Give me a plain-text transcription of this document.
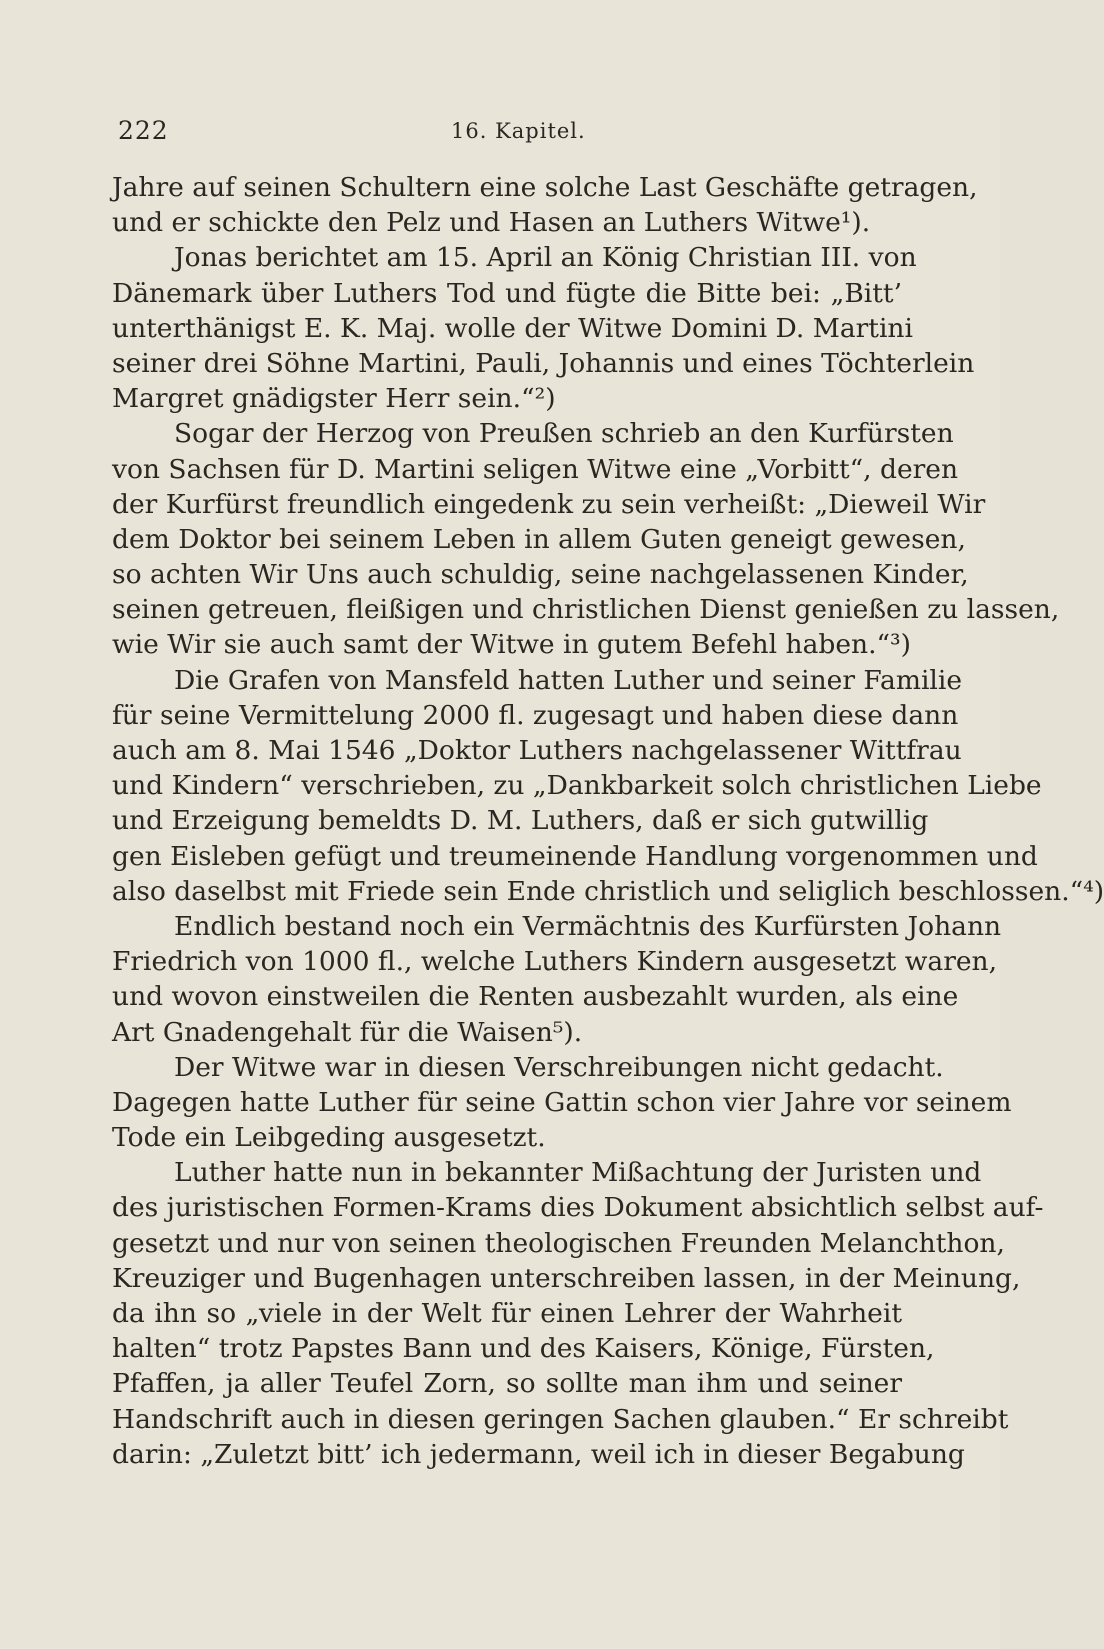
222	16. Kapitel.
Jahre auf seinen Schultern eine solche Last Geschäfte getragen,
und er schickte den Pelz und Hasen an Luthers Witwe¹).
Jonas berichtet am 15. April an König Christian III. von
Dänemark über Luthers Tod und fügte die Bitte bei: „Bitt’
unterthänigst E. K. Maj. wolle der Witwe Domini D. Martini
seiner drei Söhne Martini, Pauli, Johannis und eines Töchterlein
Margret gnädigster Herr sein.“²)
Sogar der Herzog von Preußen schrieb an den Kurfürsten
von Sachsen für D. Martini seligen Witwe eine „Vorbitt“, deren
der Kurfürst freundlich eingedenk zu sein verheißt: „Dieweil Wir
dem Doktor bei seinem Leben in allem Guten geneigt gewesen,
so achten Wir Uns auch schuldig, seine nachgelassenen Kinder,
seinen getreuen, fleißigen und christlichen Dienst genießen zu lassen,
wie Wir sie auch samt der Witwe in gutem Befehl haben.“³)
Die Grafen von Mansfeld hatten Luther und seiner Familie
für seine Vermittelung 2000 fl. zugesagt und haben diese dann
auch am 8. Mai 1546 „Doktor Luthers nachgelassener Wittfrau
und Kindern“ verschrieben, zu „Dankbarkeit solch christlichen Liebe
und Erzeigung bemeldts D. M. Luthers, daß er sich gutwillig
gen Eisleben gefügt und treumeinende Handlung vorgenommen und
also daselbst mit Friede sein Ende christlich und seliglich beschlossen.“⁴)
Endlich bestand noch ein Vermächtnis des Kurfürsten Johann
Friedrich von 1000 fl., welche Luthers Kindern ausgesetzt waren,
und wovon einstweilen die Renten ausbezahlt wurden, als eine
Art Gnadengehalt für die Waisen⁵).
Der Witwe war in diesen Verschreibungen nicht gedacht.
Dagegen hatte Luther für seine Gattin schon vier Jahre vor seinem
Tode ein Leibgeding ausgesetzt.
Luther hatte nun in bekannter Mißachtung der Juristen und
des juristischen Formen-Krams dies Dokument absichtlich selbst auf-
gesetzt und nur von seinen theologischen Freunden Melanchthon,
Kreuziger und Bugenhagen unterschreiben lassen, in der Meinung,
da ihn so „viele in der Welt für einen Lehrer der Wahrheit
halten“ trotz Papstes Bann und des Kaisers, Könige, Fürsten,
Pfaffen, ja aller Teufel Zorn, so sollte man ihm und seiner
Handschrift auch in diesen geringen Sachen glauben.“ Er schreibt
darin: „Zuletzt bitt’ ich jedermann, weil ich in dieser Begabung
